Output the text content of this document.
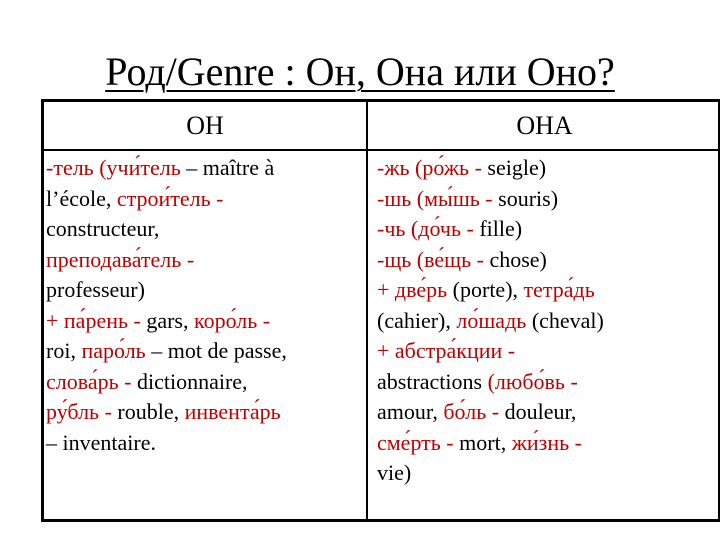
Род/Genre : Он, Она или Оно?
ОН	ОНА
-тель (учи́тель – maître à
l’école, строи́тель -
constructeur,
преподава́тель -
professeur)
+ па́рень - gars, коро́ль -
roi, паро́ль – mot de passe,
слова́рь - dictionnaire,
ру́бль - rouble, инвента́рь
– inventaire.
-жь (ро́жь - seigle)
-шь (мы́шь - souris)
-чь (до́чь - fille)
-щь (ве́щь - chose)
+ две́рь (porte), тетра́дь
(cahier), ло́шадь (cheval)
+ абстра́кции -
abstractions (любо́вь -
amour, бо́ль - douleur,
сме́рть - mort, жи́знь -
vie)
